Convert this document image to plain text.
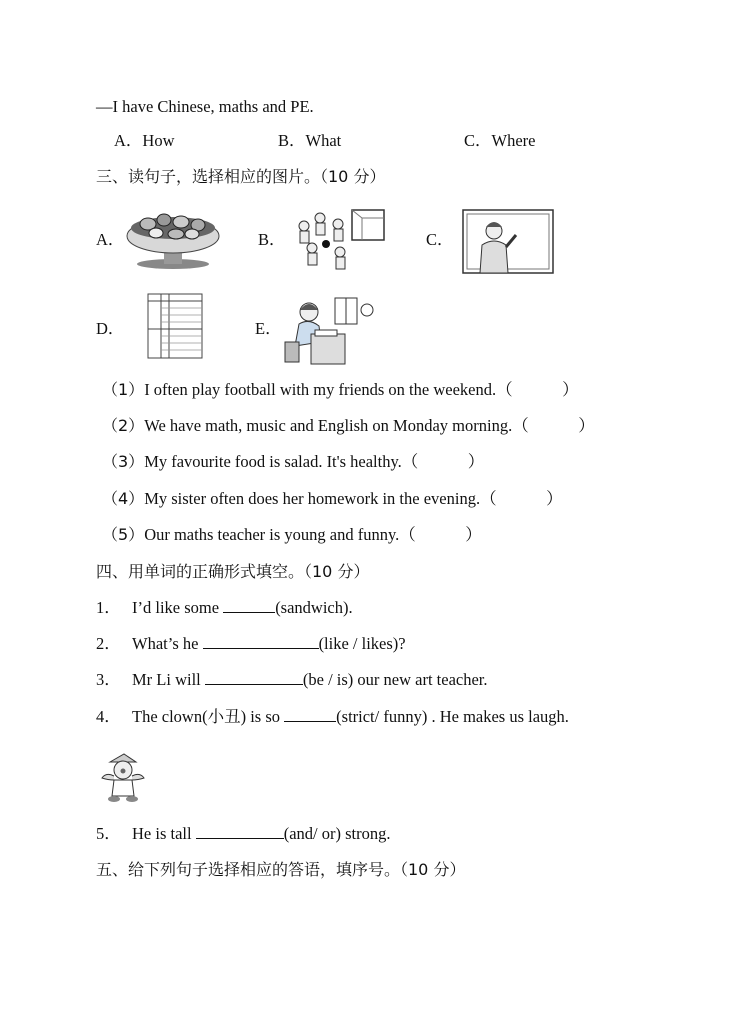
—I have Chinese, maths and PE.
A．How	B．What	C．Where
三、读句子，选择相应的图片。（10 分）
A．	B．	C．
D．	E．
（1）I often play football with my friends on the weekend.（　　　）
（2）We have math, music and English on Monday morning.（　　　）
（3）My favourite food is salad. It's healthy.（　　　）
（4）My sister often does her homework in the evening.（　　　）
（5）Our maths teacher is young and funny.（　　　）
四、用单词的正确形式填空。（10 分）
1． I’d like some	(sandwich).
2． What’s he	(like / likes)?
3． Mr Li will	(be / is) our new art teacher.
4． The clown(小丑) is so	(strict/ funny) . He makes us laugh.
5． He is tall	(and/ or) strong.
五、给下列句子选择相应的答语，填序号。（10 分）
